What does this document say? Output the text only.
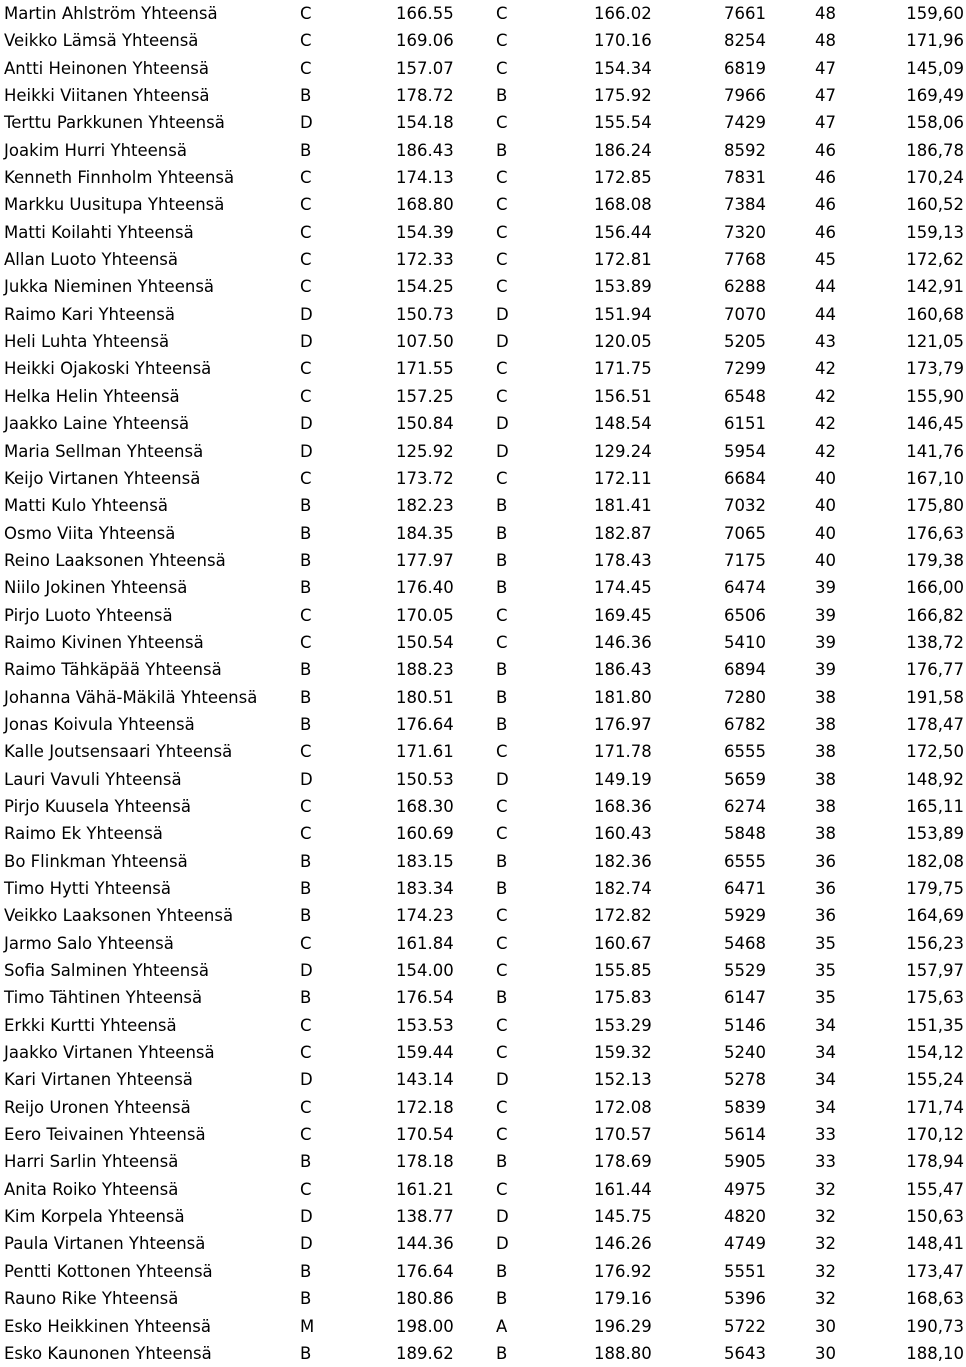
Martin Ahlström Yhteensä	C	166.55	C	166.02	7661	48	159,60
Veikko Lämsä Yhteensä	C	169.06	C	170.16	8254	48	171,96
Antti Heinonen Yhteensä	C	157.07	C	154.34	6819	47	145,09
Heikki Viitanen Yhteensä	B	178.72	B	175.92	7966	47	169,49
Terttu Parkkunen Yhteensä	D	154.18	C	155.54	7429	47	158,06
Joakim Hurri Yhteensä	B	186.43	B	186.24	8592	46	186,78
Kenneth Finnholm Yhteensä	C	174.13	C	172.85	7831	46	170,24
Markku Uusitupa Yhteensä	C	168.80	C	168.08	7384	46	160,52
Matti Koilahti Yhteensä	C	154.39	C	156.44	7320	46	159,13
Allan Luoto Yhteensä	C	172.33	C	172.81	7768	45	172,62
Jukka Nieminen Yhteensä	C	154.25	C	153.89	6288	44	142,91
Raimo Kari Yhteensä	D	150.73	D	151.94	7070	44	160,68
Heli Luhta Yhteensä	D	107.50	D	120.05	5205	43	121,05
Heikki Ojakoski Yhteensä	C	171.55	C	171.75	7299	42	173,79
Helka Helin Yhteensä	C	157.25	C	156.51	6548	42	155,90
Jaakko Laine Yhteensä	D	150.84	D	148.54	6151	42	146,45
Maria Sellman Yhteensä	D	125.92	D	129.24	5954	42	141,76
Keijo Virtanen Yhteensä	C	173.72	C	172.11	6684	40	167,10
Matti Kulo Yhteensä	B	182.23	B	181.41	7032	40	175,80
Osmo Viita Yhteensä	B	184.35	B	182.87	7065	40	176,63
Reino Laaksonen Yhteensä	B	177.97	B	178.43	7175	40	179,38
Niilo Jokinen Yhteensä	B	176.40	B	174.45	6474	39	166,00
Pirjo Luoto Yhteensä	C	170.05	C	169.45	6506	39	166,82
Raimo Kivinen Yhteensä	C	150.54	C	146.36	5410	39	138,72
Raimo Tähkäpää Yhteensä	B	188.23	B	186.43	6894	39	176,77
Johanna Vähä-Mäkilä Yhteensä	B	180.51	B	181.80	7280	38	191,58
Jonas Koivula Yhteensä	B	176.64	B	176.97	6782	38	178,47
Kalle Joutsensaari Yhteensä	C	171.61	C	171.78	6555	38	172,50
Lauri Vavuli Yhteensä	D	150.53	D	149.19	5659	38	148,92
Pirjo Kuusela Yhteensä	C	168.30	C	168.36	6274	38	165,11
Raimo Ek Yhteensä	C	160.69	C	160.43	5848	38	153,89
Bo Flinkman Yhteensä	B	183.15	B	182.36	6555	36	182,08
Timo Hytti Yhteensä	B	183.34	B	182.74	6471	36	179,75
Veikko Laaksonen Yhteensä	B	174.23	C	172.82	5929	36	164,69
Jarmo Salo Yhteensä	C	161.84	C	160.67	5468	35	156,23
Sofia Salminen Yhteensä	D	154.00	C	155.85	5529	35	157,97
Timo Tähtinen Yhteensä	B	176.54	B	175.83	6147	35	175,63
Erkki Kurtti Yhteensä	C	153.53	C	153.29	5146	34	151,35
Jaakko Virtanen Yhteensä	C	159.44	C	159.32	5240	34	154,12
Kari Virtanen Yhteensä	D	143.14	D	152.13	5278	34	155,24
Reijo Uronen Yhteensä	C	172.18	C	172.08	5839	34	171,74
Eero Teivainen Yhteensä	C	170.54	C	170.57	5614	33	170,12
Harri Sarlin Yhteensä	B	178.18	B	178.69	5905	33	178,94
Anita Roiko Yhteensä	C	161.21	C	161.44	4975	32	155,47
Kim Korpela Yhteensä	D	138.77	D	145.75	4820	32	150,63
Paula Virtanen Yhteensä	D	144.36	D	146.26	4749	32	148,41
Pentti Kottonen Yhteensä	B	176.64	B	176.92	5551	32	173,47
Rauno Rike Yhteensä	B	180.86	B	179.16	5396	32	168,63
Esko Heikkinen Yhteensä	M	198.00	A	196.29	5722	30	190,73
Esko Kaunonen Yhteensä	B	189.62	B	188.80	5643	30	188,10
